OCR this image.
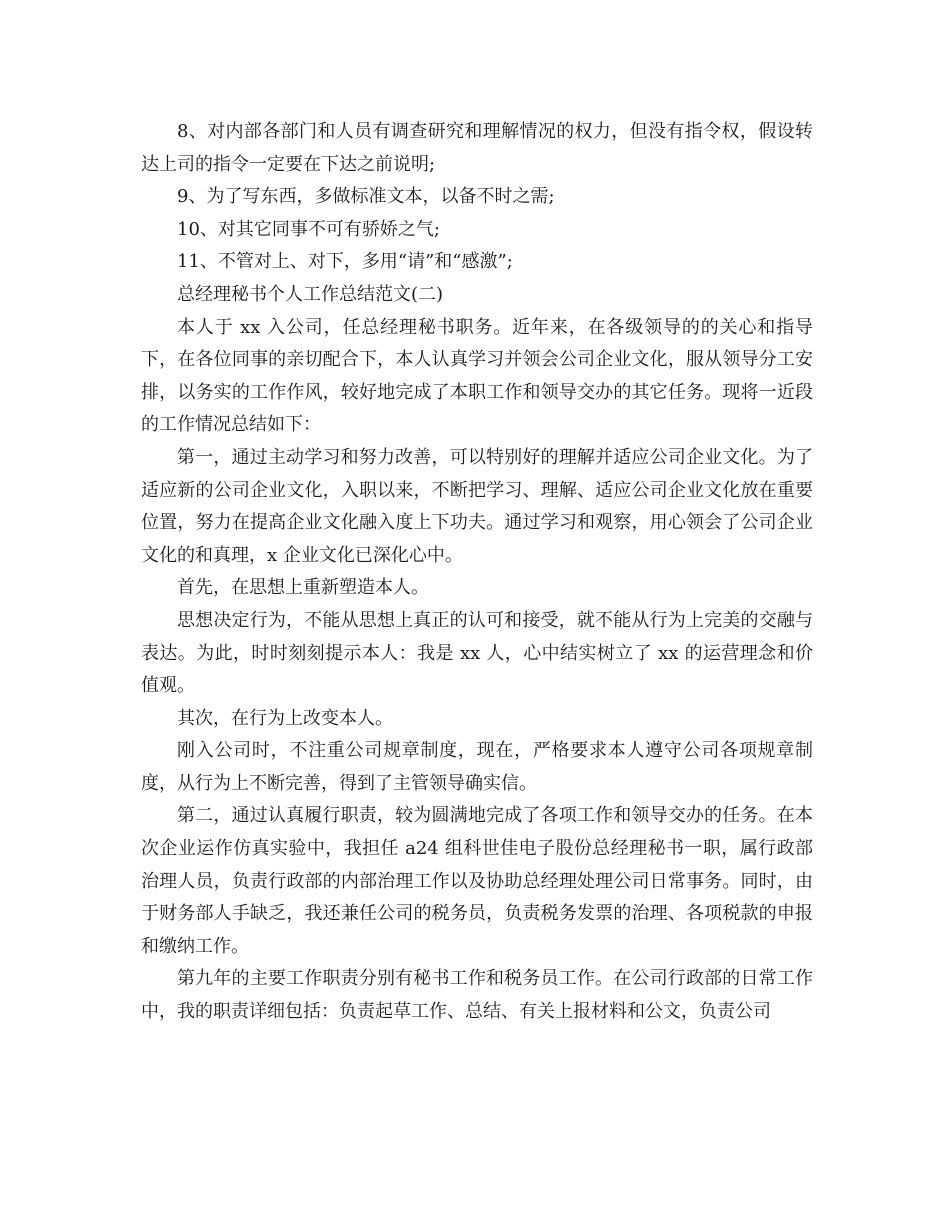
8、对内部各部门和人员有调查研究和理解情况的权力，但没有指令权，假设转达上司的指令一定要在下达之前说明;

9、为了写东西，多做标准文本，以备不时之需;

10、对其它同事不可有骄娇之气;

11、不管对上、对下，多用“请”和“感激”;

总经理秘书个人工作总结范文(二)

本人于 xx 入公司，任总经理秘书职务。近年来，在各级领导的的关心和指导下，在各位同事的亲切配合下，本人认真学习并领会公司企业文化，服从领导分工安排，以务实的工作作风，较好地完成了本职工作和领导交办的其它任务。现将一近段的工作情况总结如下：

第一，通过主动学习和努力改善，可以特别好的理解并适应公司企业文化。为了适应新的公司企业文化，入职以来，不断把学习、理解、适应公司企业文化放在重要位置，努力在提高企业文化融入度上下功夫。通过学习和观察，用心领会了公司企业文化的和真理，x 企业文化已深化心中。

首先，在思想上重新塑造本人。

思想决定行为，不能从思想上真正的认可和接受，就不能从行为上完美的交融与表达。为此，时时刻刻提示本人：我是 xx 人，心中结实树立了 xx 的运营理念和价值观。

其次，在行为上改变本人。

刚入公司时，不注重公司规章制度，现在，严格要求本人遵守公司各项规章制度，从行为上不断完善，得到了主管领导确实信。

第二，通过认真履行职责，较为圆满地完成了各项工作和领导交办的任务。在本次企业运作仿真实验中，我担任 a24 组科世佳电子股份总经理秘书一职，属行政部治理人员，负责行政部的内部治理工作以及协助总经理处理公司日常事务。同时，由于财务部人手缺乏，我还兼任公司的税务员，负责税务发票的治理、各项税款的申报和缴纳工作。

第九年的主要工作职责分别有秘书工作和税务员工作。在公司行政部的日常工作中，我的职责详细包括：负责起草工作、总结、有关上报材料和公文，负责公司
